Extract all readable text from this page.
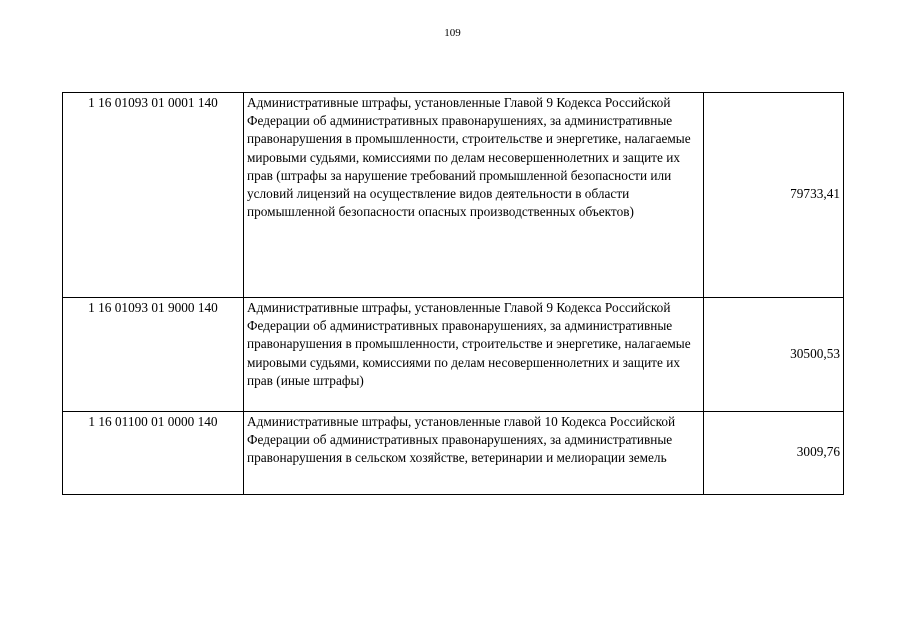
109
1 16 01093 01 0001 140	Административные штрафы, установленные Главой 9 Кодекса Российской Федерации об административных правонарушениях, за административные правонарушения в промышленности, строительстве и энергетике, налагаемые мировыми судьями, комиссиями по делам несовершеннолетних и защите их прав (штрафы за нарушение требований промышленной безопасности или условий лицензий на осуществление видов деятельности в области промышленной безопасности опасных производственных объектов)	79733,41
1 16 01093 01 9000 140	Административные штрафы, установленные Главой 9 Кодекса Российской Федерации об административных правонарушениях, за административные правонарушения в промышленности, строительстве и энергетике, налагаемые мировыми судьями, комиссиями по делам несовершеннолетних и защите их прав (иные штрафы)	30500,53
1 16 01100 01 0000 140	Административные штрафы, установленные главой 10 Кодекса Российской Федерации об административных правонарушениях, за административные правонарушения в сельском хозяйстве, ветеринарии и мелиорации земель	3009,76
